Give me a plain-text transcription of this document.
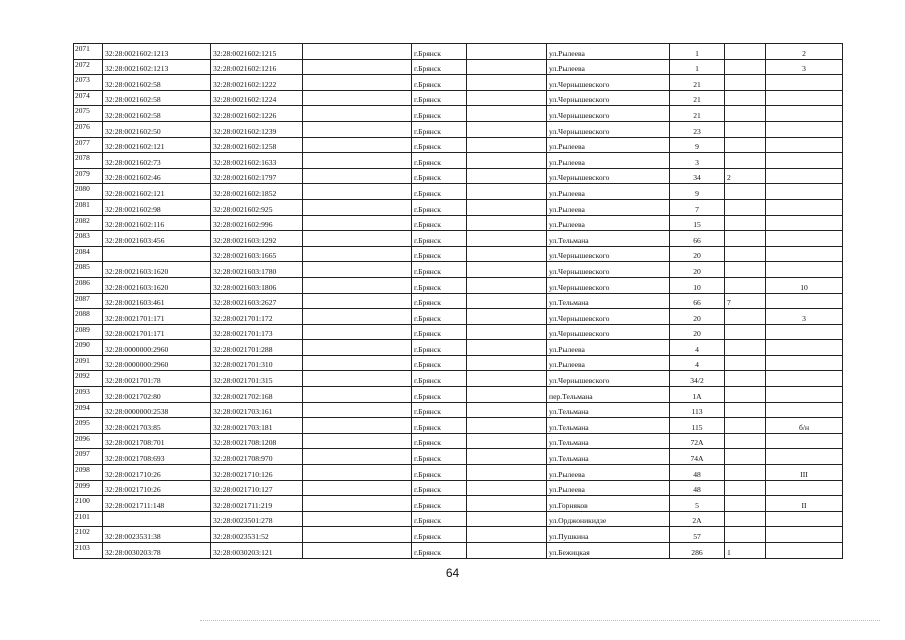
2071	32:28:0021602:1213	32:28:0021602:1215		г.Брянск		ул.Рылеева	1		2
2072	32:28:0021602:1213	32:28:0021602:1216		г.Брянск		ул.Рылеева	1		3
2073	32:28:0021602:58	32:28:0021602:1222		г.Брянск		ул.Чернышевского	21		
2074	32:28:0021602:58	32:28:0021602:1224		г.Брянск		ул.Чернышевского	21		
2075	32:28:0021602:58	32:28:0021602:1226		г.Брянск		ул.Чернышевского	21		
2076	32:28:0021602:50	32:28:0021602:1239		г.Брянск		ул.Чернышевского	23		
2077	32:28:0021602:121	32:28:0021602:1258		г.Брянск		ул.Рылеева	9		
2078	32:28:0021602:73	32:28:0021602:1633		г.Брянск		ул.Рылеева	3		
2079	32:28:0021602:46	32:28:0021602:1797		г.Брянск		ул.Чернышевского	34	2	
2080	32:28:0021602:121	32:28:0021602:1852		г.Брянск		ул.Рылеева	9		
2081	32:28:0021602:98	32:28:0021602:925		г.Брянск		ул.Рылеева	7		
2082	32:28:0021602:116	32:28:0021602:996		г.Брянск		ул.Рылеева	15		
2083	32:28:0021603:456	32:28:0021603:1292		г.Брянск		ул.Тельмана	66		
2084		32:28:0021603:1665		г.Брянск		ул.Чернышевского	20		
2085	32:28:0021603:1620	32:28:0021603:1780		г.Брянск		ул.Чернышевского	20		
2086	32:28:0021603:1620	32:28:0021603:1806		г.Брянск		ул.Чернышевского	10		10
2087	32:28:0021603:461	32:28:0021603:2627		г.Брянск		ул.Тельмана	66	7	
2088	32:28:0021701:171	32:28:0021701:172		г.Брянск		ул.Чернышевского	20		3
2089	32:28:0021701:171	32:28:0021701:173		г.Брянск		ул.Чернышевского	20		
2090	32:28:0000000:2960	32:28:0021701:288		г.Брянск		ул.Рылеева	4		
2091	32:28:0000000:2960	32:28:0021701:310		г.Брянск		ул.Рылеева	4		
2092	32:28:0021701:78	32:28:0021701:315		г.Брянск		ул.Чернышевского	34/2		
2093	32:28:0021702:80	32:28:0021702:168		г.Брянск		пер.Тельмана	1А		
2094	32:28:0000000:2538	32:28:0021703:161		г.Брянск		ул.Тельмана	113		
2095	32:28:0021703:85	32:28:0021703:181		г.Брянск		ул.Тельмана	115		б/н
2096	32:28:0021708:701	32:28:0021708:1208		г.Брянск		ул.Тельмана	72А		
2097	32:28:0021708:693	32:28:0021708:970		г.Брянск		ул.Тельмана	74А		
2098	32:28:0021710:26	32:28:0021710:126		г.Брянск		ул.Рылеева	48		III
2099	32:28:0021710:26	32:28:0021710:127		г.Брянск		ул.Рылеева	48		
2100	32:28:0021711:148	32:28:0021711:219		г.Брянск		ул.Горняков	5		II
2101		32:28:0023501:278		г.Брянск		ул.Орджоникидзе	2А		
2102	32:28:0023531:38	32:28:0023531:52		г.Брянск		ул.Пушкина	57		
2103	32:28:0030203:78	32:28:0030203:121		г.Брянск		ул.Бежицкая	286	1	
64
